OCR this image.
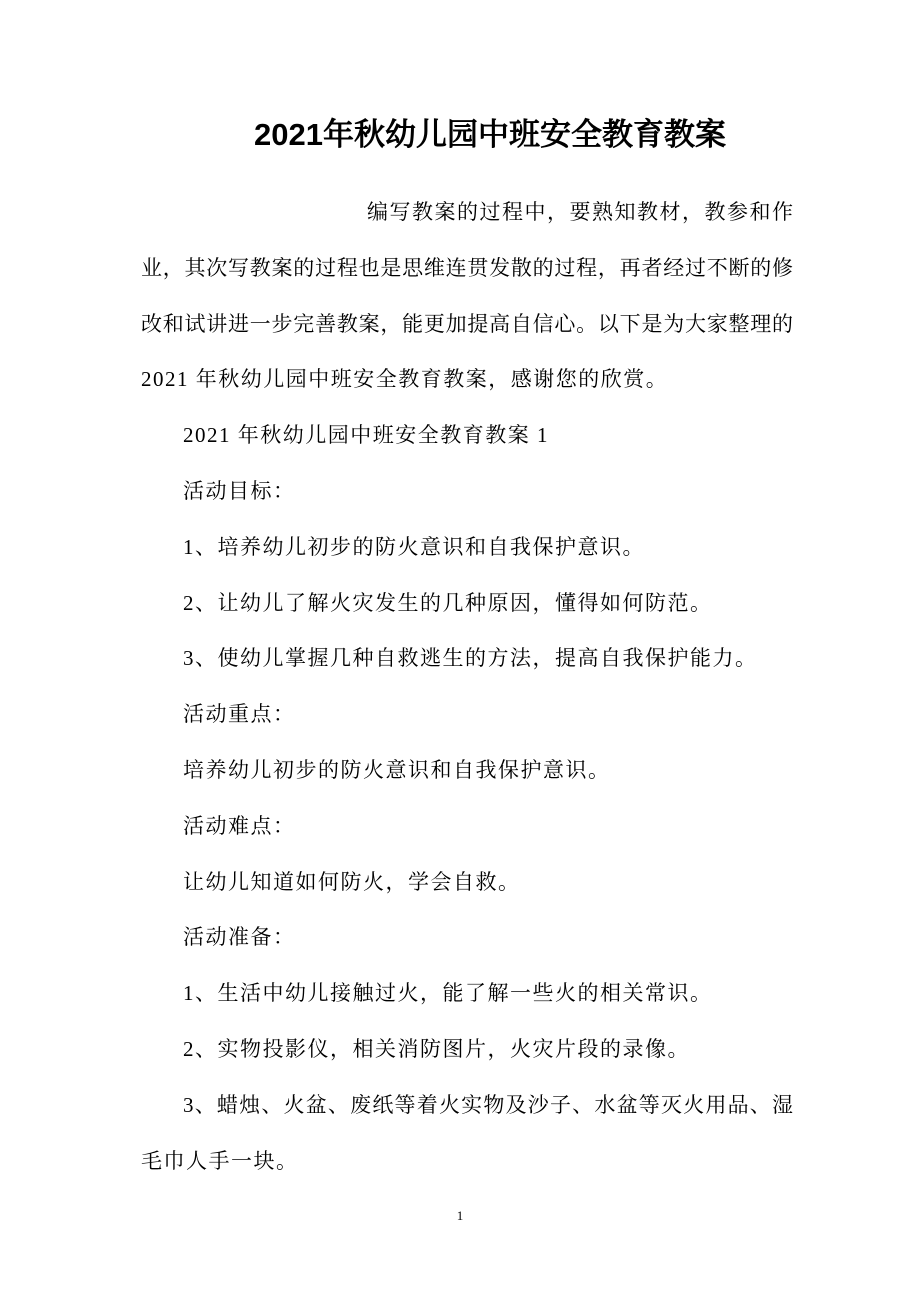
2021年秋幼儿园中班安全教育教案
编写教案的过程中，要熟知教材，教参和作
业，其次写教案的过程也是思维连贯发散的过程，再者经过不断的修
改和试讲进一步完善教案，能更加提高自信心。以下是为大家整理的
2021 年秋幼儿园中班安全教育教案，感谢您的欣赏。
2021 年秋幼儿园中班安全教育教案 1
活动目标：
1、培养幼儿初步的防火意识和自我保护意识。
2、让幼儿了解火灾发生的几种原因，懂得如何防范。
3、使幼儿掌握几种自救逃生的方法，提高自我保护能力。
活动重点：
培养幼儿初步的防火意识和自我保护意识。
活动难点：
让幼儿知道如何防火，学会自救。
活动准备：
1、生活中幼儿接触过火，能了解一些火的相关常识。
2、实物投影仪，相关消防图片，火灾片段的录像。
3、蜡烛、火盆、废纸等着火实物及沙子、水盆等灭火用品、湿
毛巾人手一块。
1
